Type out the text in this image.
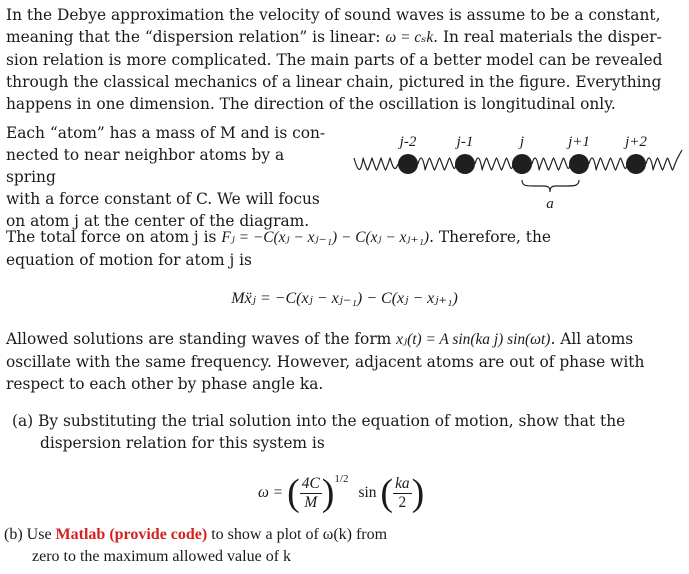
In the Debye approximation the velocity of sound waves is assume to be a constant,
meaning that the “dispersion relation” is linear: ω = cₛk. In real materials the disper-
sion relation is more complicated. The main parts of a better model can be revealed
through the classical mechanics of a linear chain, pictured in the figure. Everything
happens in one dimension. The direction of the oscillation is longitudinal only.
Each “atom” has a mass of M and is con-
nected to near neighbor atoms by a spring
with a force constant of C. We will focus
on atom j at the center of the diagram.
j-2	j-1	j	j+1 j+2
a
The total force on atom j is Fⱼ = −C(xⱼ − xⱼ₋₁) − C(xⱼ − xⱼ₊₁). Therefore, the
equation of motion for atom j is
Mẍⱼ = −C(xⱼ − xⱼ₋₁) − C(xⱼ − xⱼ₊₁)
Allowed solutions are standing waves of the form xⱼ(t) = A sin(ka j) sin(ωt). All atoms
oscillate with the same frequency. However, adjacent atoms are out of phase with
respect to each other by phase angle ka.
(a) By substituting the trial solution into the equation of motion, show that the
dispersion relation for this system is
ω = ( $\frac{4C}{M}$ ) 1/2
sin ( $\frac{ka}{2}$ )
(b) Use Matlab (provide code) to show a plot of ω(k) from
zero to the maximum allowed value of k
